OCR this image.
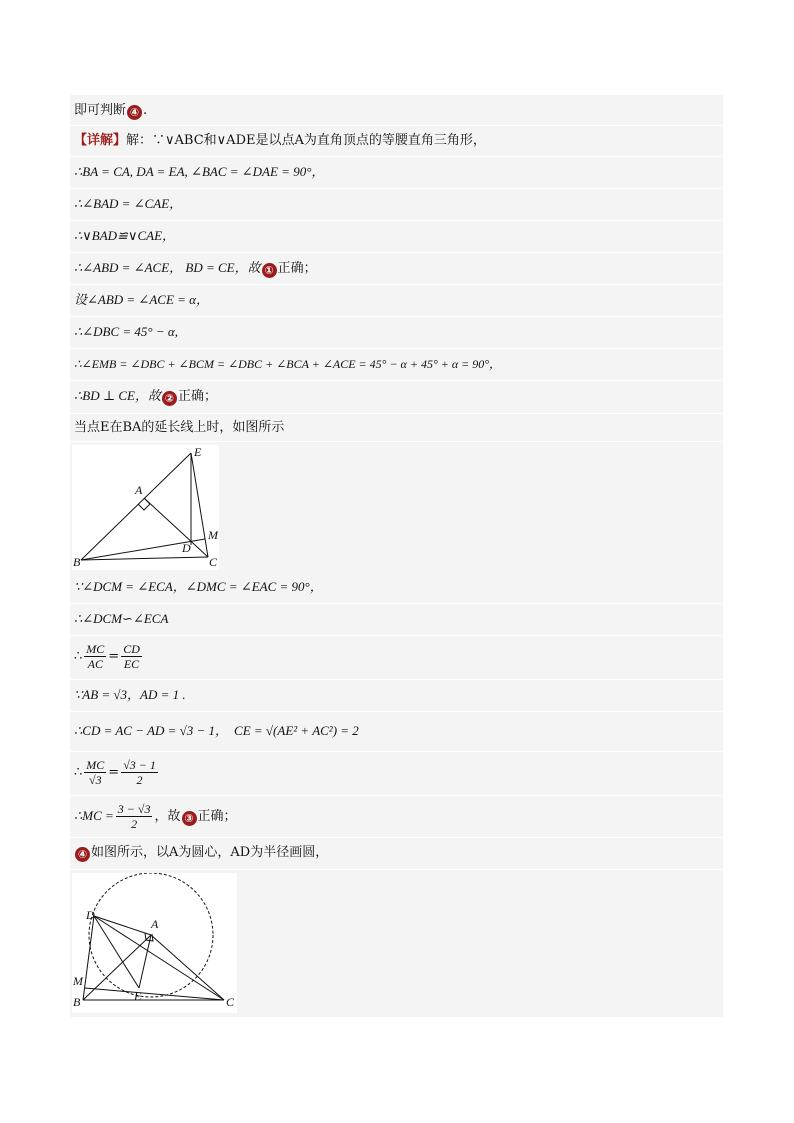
即可判断 ④ .
【详解】解：∵∨ABC和∨ADE是以点A为直角顶点的等腰直角三角形，
∴BA = CA, DA = EA, ∠BAC = ∠DAE = 90°，
∴∠BAD = ∠CAE，
∴∨BAD≌∨CAE，
∴∠ABD = ∠ACE， BD = CE，故 ① 正确；
设∠ABD = ∠ACE = α，
∴∠DBC = 45° − α,
∴∠EMB = ∠DBC + ∠BCM = ∠DBC + ∠BCA + ∠ACE = 45° − α + 45° + α = 90°，
∴BD ⊥ CE，故 ② 正确；
当点E在BA的延长线上时，如图所示
E
A
M
D
B	C
∵∠DCM = ∠ECA，∠DMC = ∠EAC = 90°，
∴∠DCM∽∠ECA
∴ $\frac{MC}{AC} = \frac{CD}{EC}$
∵AB = √3，AD = 1 .
∴CD = AC − AD = √3 − 1， CE = √(AE² + AC²) = 2
∴ $\frac{MC}{√3} = \frac{√3 - 1}{2}$
∴MC = $\frac{3 - √3}{2}$ ，故 ③ 正确；
④ 如图所示，以A为圆心，AD为半径画圆，
D
A
M
B	E	C
